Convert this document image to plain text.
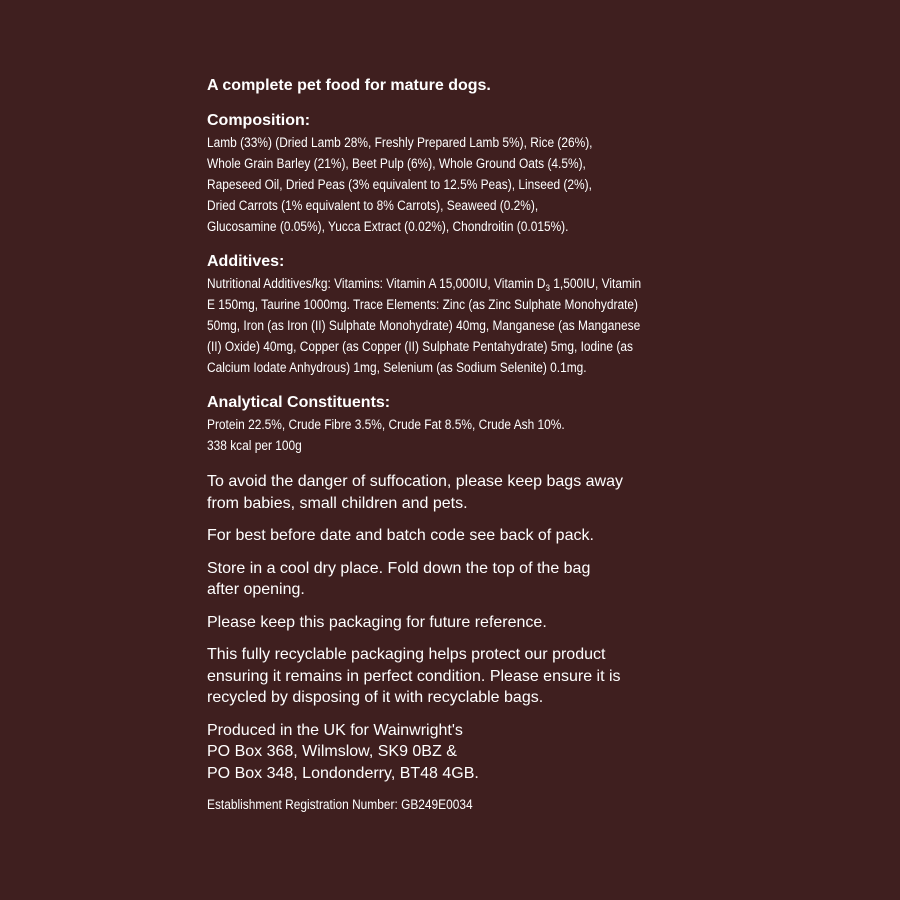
A complete pet food for mature dogs.
Composition:
Lamb (33%) (Dried Lamb 28%, Freshly Prepared Lamb 5%), Rice (26%),
Whole Grain Barley (21%), Beet Pulp (6%), Whole Ground Oats (4.5%),
Rapeseed Oil, Dried Peas (3% equivalent to 12.5% Peas), Linseed (2%),
Dried Carrots (1% equivalent to 8% Carrots), Seaweed (0.2%),
Glucosamine (0.05%), Yucca Extract (0.02%), Chondroitin (0.015%).
Additives:
Nutritional Additives/kg: Vitamins: Vitamin A 15,000IU, Vitamin $D_3$ 1,500IU, Vitamin
E 150mg, Taurine 1000mg. Trace Elements: Zinc (as Zinc Sulphate Monohydrate)
50mg, Iron (as Iron (II) Sulphate Monohydrate) 40mg, Manganese (as Manganese
(II) Oxide) 40mg, Copper (as Copper (II) Sulphate Pentahydrate) 5mg, Iodine (as
Calcium Iodate Anhydrous) 1mg, Selenium (as Sodium Selenite) 0.1mg.
Analytical Constituents:
Protein 22.5%, Crude Fibre 3.5%, Crude Fat 8.5%, Crude Ash 10%.
338 kcal per 100g
To avoid the danger of suffocation, please keep bags away
from babies, small children and pets.
For best before date and batch code see back of pack.
Store in a cool dry place. Fold down the top of the bag
after opening.
Please keep this packaging for future reference.
This fully recyclable packaging helps protect our product
ensuring it remains in perfect condition. Please ensure it is
recycled by disposing of it with recyclable bags.
Produced in the UK for Wainwright's
PO Box 368, Wilmslow, SK9 0BZ &
PO Box 348, Londonderry, BT48 4GB.
Establishment Registration Number: GB249E0034
